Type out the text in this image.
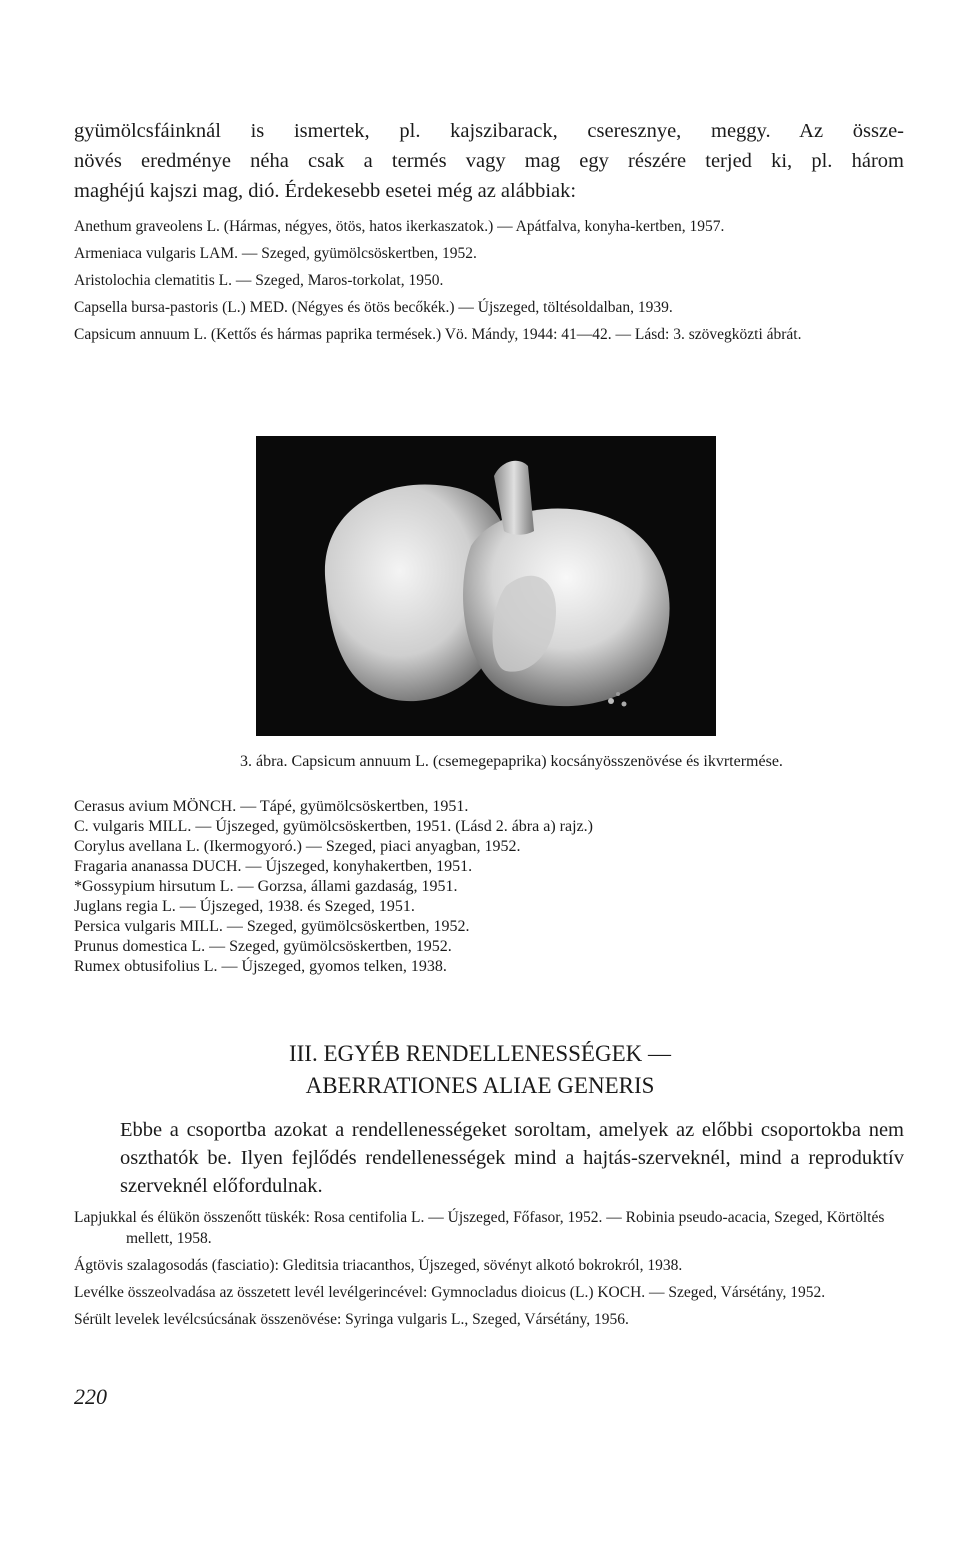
gyümölcsfáinknál is ismertek, pl. kajszibarack, cseresznye, meggy. Az össze-
növés eredménye néha csak a termés vagy mag egy részére terjed ki, pl. három

maghéjú kajszi mag, dió. Érdekesebb esetei még az alábbiak:

Anethum graveolens L. (Hármas, négyes, ötös, hatos ikerkaszatok.) — Apátfalva, konyha-kertben, 1957.
Armeniaca vulgaris LAM. — Szeged, gyümölcsöskertben, 1952.
Aristolochia clematitis L. — Szeged, Maros-torkolat, 1950.
Capsella bursa-pastoris (L.) MED. (Négyes és ötös becőkék.) — Újszeged, töltésoldalban, 1939.
Capsicum annuum L. (Kettős és hármas paprika termések.) Vö. Mándy, 1944: 41—42. — Lásd: 3. szövegközti ábrát.

3. ábra. Capsicum annuum L. (csemegepaprika) kocsányösszenövése és ikvrtermése.

Cerasus avium MÖNCH. — Tápé, gyümölcsöskertben, 1951.
C. vulgaris MILL. — Újszeged, gyümölcsöskertben, 1951. (Lásd 2. ábra a) rajz.)
Corylus avellana L. (Ikermogyoró.) — Szeged, piaci anyagban, 1952.
Fragaria ananassa DUCH. — Újszeged, konyhakertben, 1951.
*Gossypium hirsutum L. — Gorzsa, állami gazdaság, 1951.
Juglans regia L. — Újszeged, 1938. és Szeged, 1951.
Persica vulgaris MILL. — Szeged, gyümölcsöskertben, 1952.
Prunus domestica L. — Szeged, gyümölcsöskertben, 1952.
Rumex obtusifolius L. — Újszeged, gyomos telken, 1938.
III. EGYÉB RENDELLENESSÉGEK —
ABERRATIONES ALIAE GENERIS

Ebbe a csoportba azokat a rendellenességeket soroltam, amelyek az előbbi csoportokba nem oszthatók be. Ilyen fejlődés rendellenességek mind a hajtás-szerveknél, mind a reproduktív szerveknél előfordulnak.

Lapjukkal és élükön összenőtt tüskék: Rosa centifolia L. — Újszeged, Főfasor, 1952. — Robinia pseudo-acacia, Szeged, Körtöltés mellett, 1958.
Ágtövis szalagosodás (fasciatio): Gleditsia triacanthos, Újszeged, sövényt alkotó bokrokról, 1938.
Levélke összeolvadása az összetett levél levélgerincével: Gymnocladus dioicus (L.) KOCH. — Szeged, Vársétány, 1952.
Sérült levelek levélcsúcsának összenövése: Syringa vulgaris L., Szeged, Vársétány, 1956.

220
